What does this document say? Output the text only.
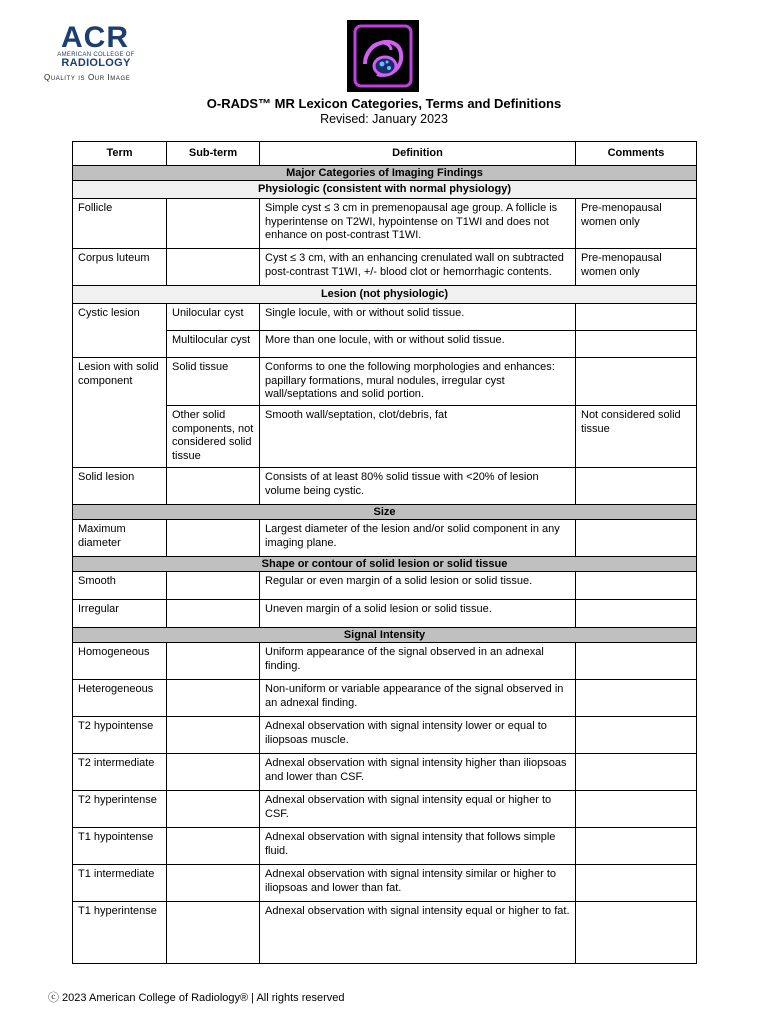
ACR
AMERICAN COLLEGE OF
RADIOLOGY
Quality is Our Image
O-RADS™ MR Lexicon Categories, Terms and Definitions
Revised: January 2023
Term	Sub-term	Definition	Comments
Major Categories of Imaging Findings			
Physiologic (consistent with normal physiology)			
Follicle		Simple cyst ≤ 3 cm in premenopausal age group. A follicle is hyperintense on T2WI, hypointense on T1WI and does not enhance on post-contrast T1WI.	Pre-menopausal women only
Corpus luteum		Cyst ≤ 3 cm, with an enhancing crenulated wall on subtracted post-contrast T1WI, +/- blood clot or hemorrhagic contents.	Pre-menopausal women only
Lesion (not physiologic)			
Cystic lesion	Unilocular cyst	Single locule, with or without solid tissue.	
	Multilocular cyst	More than one locule, with or without solid tissue.	
Lesion with solid component	Solid tissue	Conforms to one the following morphologies and enhances: papillary formations, mural nodules, irregular cyst wall/septations and solid portion.	
	Other solid components, not considered solid tissue	Smooth wall/septation, clot/debris, fat	Not considered solid tissue
Solid lesion		Consists of at least 80% solid tissue with <20% of lesion volume being cystic.	
Size			
Maximum diameter		Largest diameter of the lesion and/or solid component in any imaging plane.	
Shape or contour of solid lesion or solid tissue			
Smooth		Regular or even margin of a solid lesion or solid tissue.	
Irregular		Uneven margin of a solid lesion or solid tissue.	
Signal Intensity			
Homogeneous		Uniform appearance of the signal observed in an adnexal finding.	
Heterogeneous		Non-uniform or variable appearance of the signal observed in an adnexal finding.	
T2 hypointense		Adnexal observation with signal intensity lower or equal to iliopsoas muscle.	
T2 intermediate		Adnexal observation with signal intensity higher than iliopsoas and lower than CSF.	
T2 hyperintense		Adnexal observation with signal intensity equal or higher to CSF.	
T1 hypointense		Adnexal observation with signal intensity that follows simple fluid.	
T1 intermediate		Adnexal observation with signal intensity similar or higher to iliopsoas and lower than fat.	
T1 hyperintense		Adnexal observation with signal intensity equal or higher to fat.	
ⓒ 2023 American College of Radiology® | All rights reserved
